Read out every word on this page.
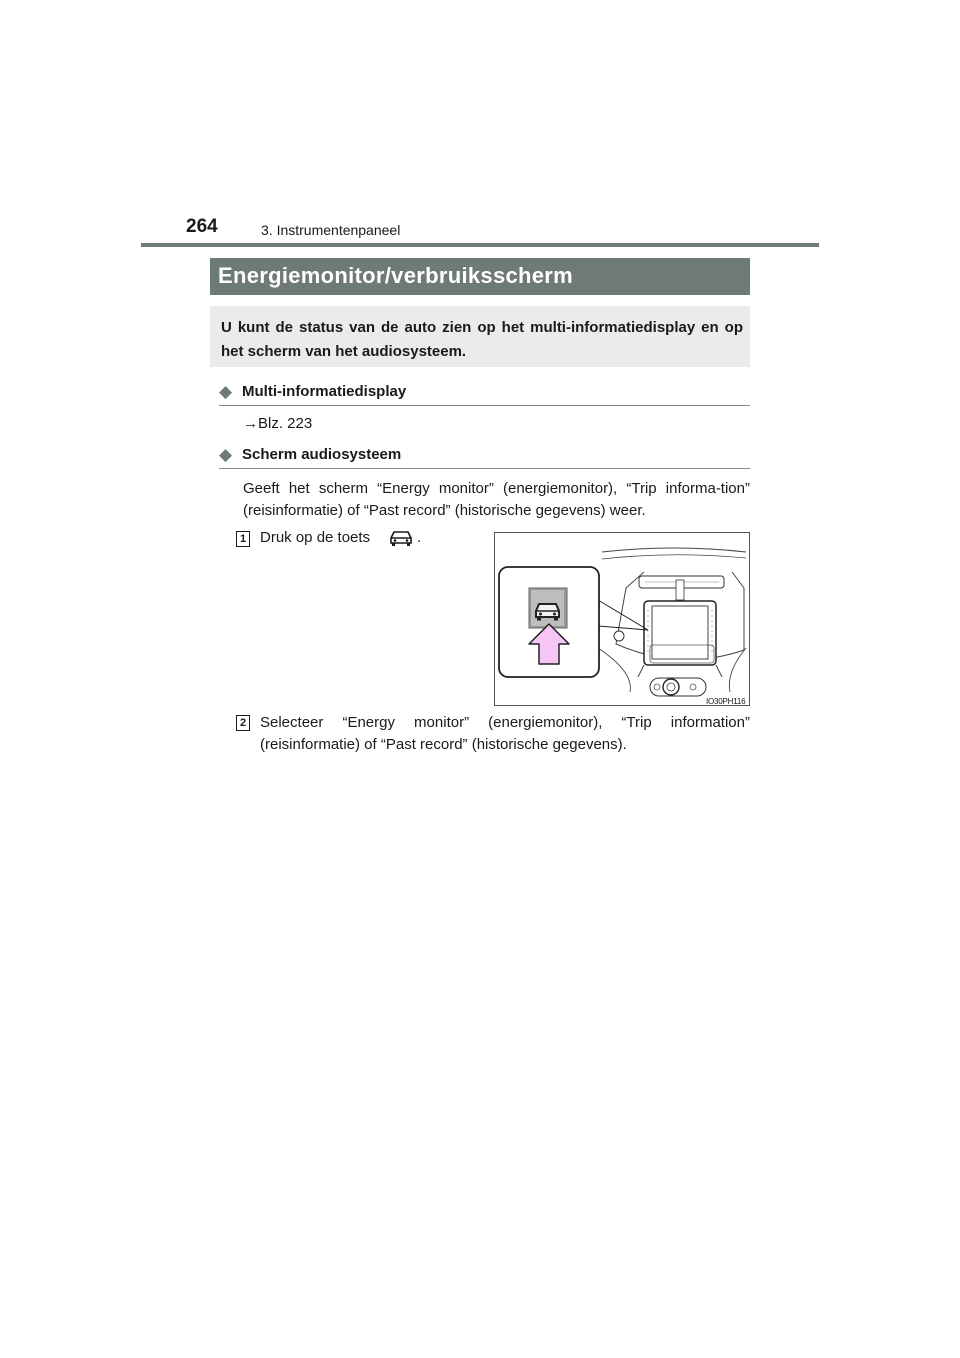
264	3. Instrumentenpaneel
Energiemonitor/verbruiksscherm

U kunt de status van de auto zien op het multi-informatiedisplay en op het scherm van het audiosysteem.

◆ Multi-informatiedisplay
→Blz. 223
◆ Scherm audiosysteem

Geeft het scherm “Energy monitor” (energiemonitor), “Trip informa-tion” (reisinformatie) of “Past record” (historische gegevens) weer.

1 Druk op de toets	.
IO30PH116
2 Selecteer “Energy monitor” (energiemonitor), “Trip information” (reisinformatie) of “Past record” (historische gegevens).
